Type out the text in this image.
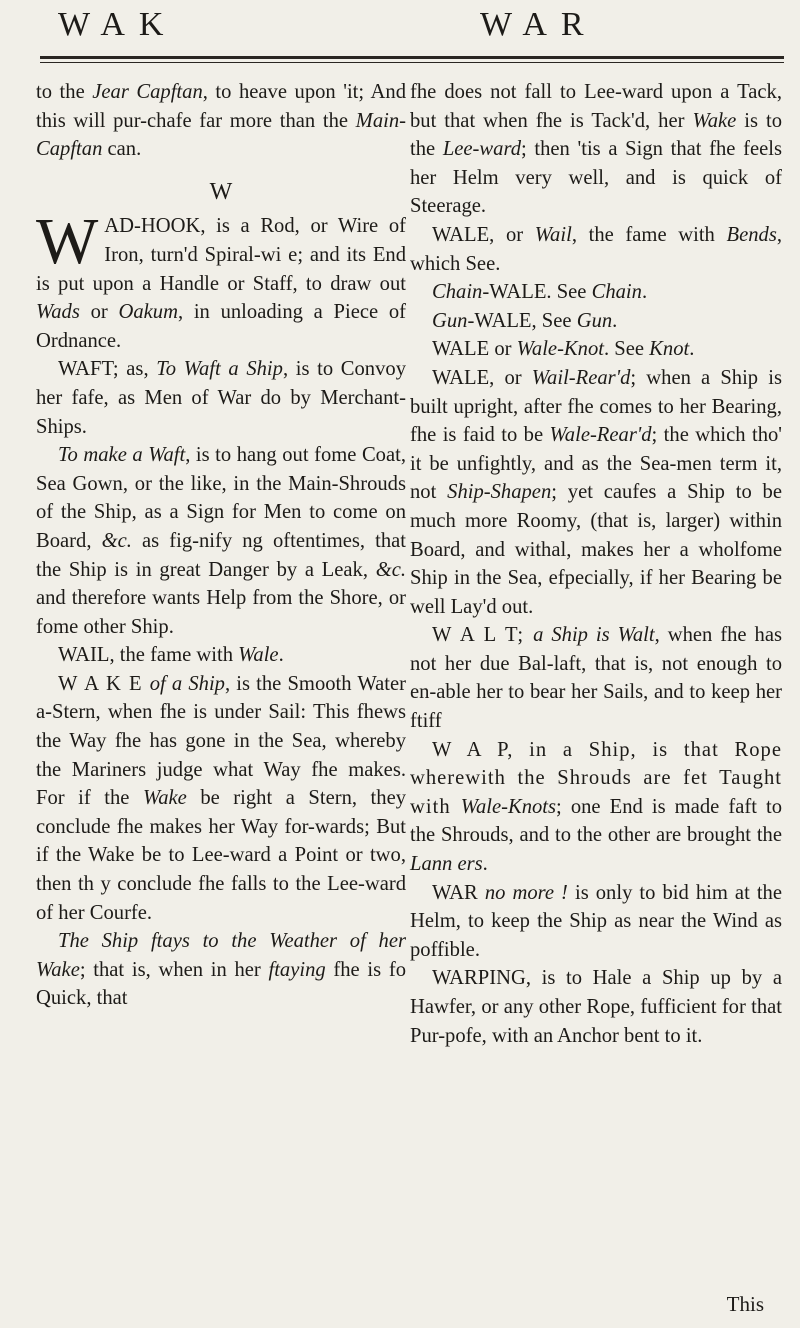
WAK	WAR

to the Jear Capftan, to heave upon 'it; And this will pur-chafe far more than the Main-Capftan can.

W

WAD-HOOK, is a Rod, or Wire of Iron, turn'd Spiral-wi e; and its End is put upon a Handle or Staff, to draw out Wads or Oakum, in unloading a Piece of Ordnance.

WAFT; as, To Waft a Ship, is to Convoy her fafe, as Men of War do by Merchant-Ships.

To make a Waft, is to hang out fome Coat, Sea Gown, or the like, in the Main-Shrouds of the Ship, as a Sign for Men to come on Board, &c. as fig-nify ng oftentimes, that the Ship is in great Danger by a Leak, &c. and therefore wants Help from the Shore, or fome other Ship.

WAIL, the fame with Wale.

W A K E of a Ship, is the Smooth Water a-Stern, when fhe is under Sail: This fhews the Way fhe has gone in the Sea, whereby the Mariners judge what Way fhe makes. For if the Wake be right a Stern, they conclude fhe makes her Way for-wards; But if the Wake be to Lee-ward a Point or two, then th y conclude fhe falls to the Lee-ward of her Courfe.

The Ship ftays to the Weather of her Wake; that is, when in her ftaying fhe is fo Quick, that

fhe does not fall to Lee-ward upon a Tack, but that when fhe is Tack'd, her Wake is to the Lee-ward; then 'tis a Sign that fhe feels her Helm very well, and is quick of Steerage.

WALE, or Wail, the fame with Bends, which See.

Chain-WALE. See Chain.

Gun-WALE, See Gun.

WALE or Wale-Knot. See Knot.

WALE, or Wail-Rear'd; when a Ship is built upright, after fhe comes to her Bearing, fhe is faid to be Wale-Rear'd; the which tho' it be unfightly, and as the Sea-men term it, not Ship-Shapen; yet caufes a Ship to be much more Roomy, (that is, larger) within Board, and withal, makes her a wholfome Ship in the Sea, efpecially, if her Bearing be well Lay'd out.

W A L T; a Ship is Walt, when fhe has not her due Bal-laft, that is, not enough to en-able her to bear her Sails, and to keep her ftiff

W A P, in a Ship, is that Rope wherewith the Shrouds are fet Taught with Wale-Knots; one End is made faft to the Shrouds, and to the other are brought the Lann ers.

WAR no more ! is only to bid him at the Helm, to keep the Ship as near the Wind as poffible.

WARPING, is to Hale a Ship up by a Hawfer, or any other Rope, fufficient for that Pur-pofe, with an Anchor bent to it.

This
